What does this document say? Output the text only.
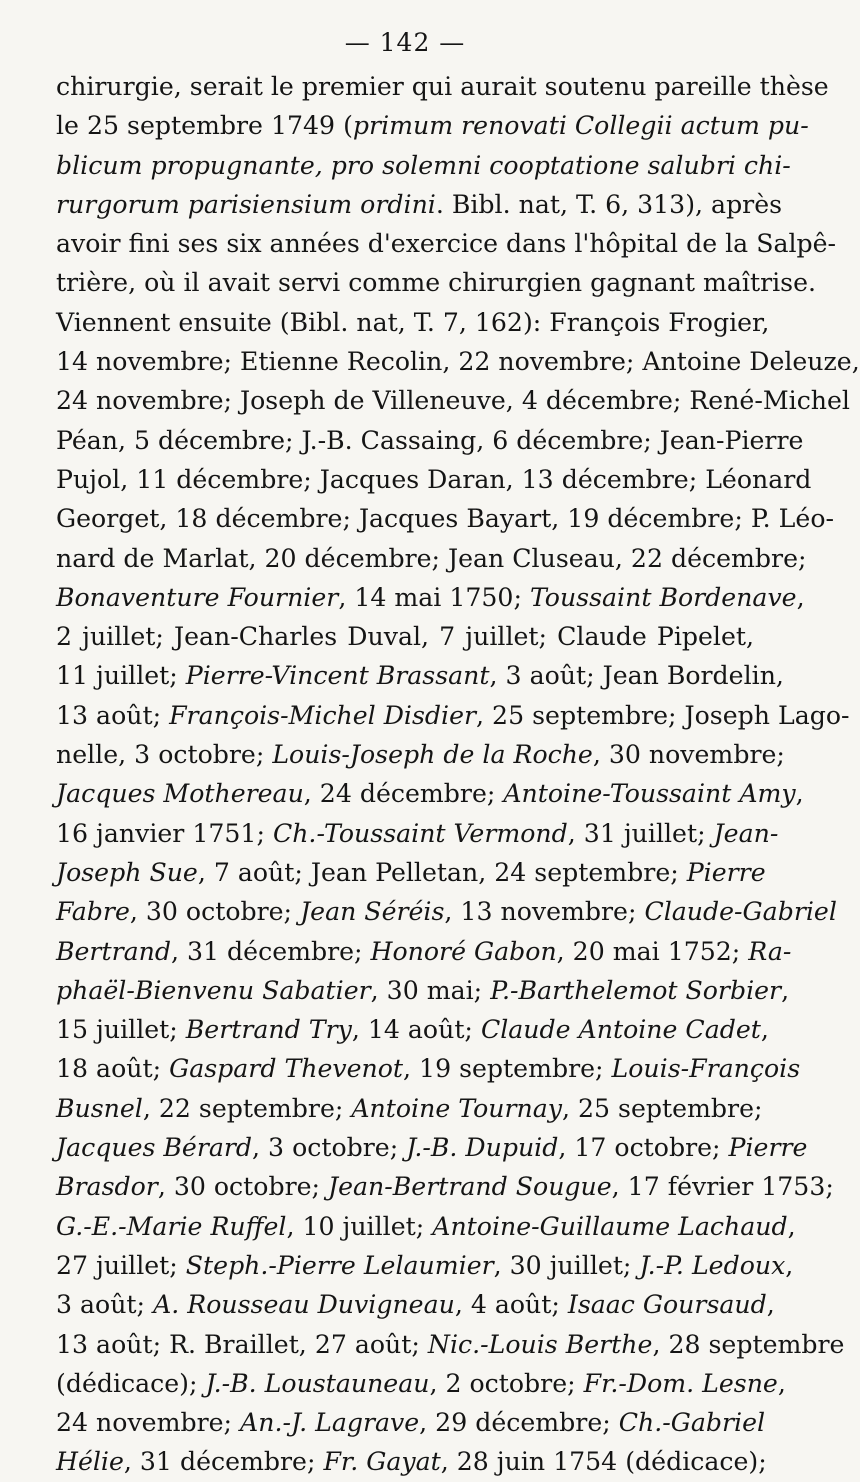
— 142 —
chirurgie, serait le premier qui aurait soutenu pareille thèse
le 25 septembre 1749 (primum renovati Collegii actum pu-
blicum propugnante, pro solemni cooptatione salubri chi-
rurgorum parisiensium ordini. Bibl. nat, T. 6, 313), après
avoir fini ses six années d'exercice dans l'hôpital de la Salpê-
trière, où il avait servi comme chirurgien gagnant maîtrise.
Viennent ensuite (Bibl. nat, T. 7, 162): François Frogier,
14 novembre; Etienne Recolin, 22 novembre; Antoine Deleuze,
24 novembre; Joseph de Villeneuve, 4 décembre; René-Michel
Péan, 5 décembre; J.-B. Cassaing, 6 décembre; Jean-Pierre
Pujol, 11 décembre; Jacques Daran, 13 décembre; Léonard
Georget, 18 décembre; Jacques Bayart, 19 décembre; P. Léo-
nard de Marlat, 20 décembre; Jean Cluseau, 22 décembre;
Bonaventure Fournier, 14 mai 1750; Toussaint Bordenave,
2 juillet; Jean-Charles Duval, 7 juillet; Claude Pipelet,
11 juillet; Pierre-Vincent Brassant, 3 août; Jean Bordelin,
13 août; François-Michel Disdier, 25 septembre; Joseph Lago-
nelle, 3 octobre; Louis-Joseph de la Roche, 30 novembre;
Jacques Mothereau, 24 décembre; Antoine-Toussaint Amy,
16 janvier 1751; Ch.-Toussaint Vermond, 31 juillet; Jean-
Joseph Sue, 7 août; Jean Pelletan, 24 septembre; Pierre
Fabre, 30 octobre; Jean Séréis, 13 novembre; Claude-Gabriel
Bertrand, 31 décembre; Honoré Gabon, 20 mai 1752; Ra-
phaël-Bienvenu Sabatier, 30 mai; P.-Barthelemot Sorbier,
15 juillet; Bertrand Try, 14 août; Claude Antoine Cadet,
18 août; Gaspard Thevenot, 19 septembre; Louis-François
Busnel, 22 septembre; Antoine Tournay, 25 septembre;
Jacques Bérard, 3 octobre; J.-B. Dupuid, 17 octobre; Pierre
Brasdor, 30 octobre; Jean-Bertrand Sougue, 17 février 1753;
G.-E.-Marie Ruffel, 10 juillet; Antoine-Guillaume Lachaud,
27 juillet; Steph.-Pierre Lelaumier, 30 juillet; J.-P. Ledoux,
3 août; A. Rousseau Duvigneau, 4 août; Isaac Goursaud,
13 août; R. Braillet, 27 août; Nic.-Louis Berthe, 28 septembre
(dédicace); J.-B. Loustauneau, 2 octobre; Fr.-Dom. Lesne,
24 novembre; An.-J. Lagrave, 29 décembre; Ch.-Gabriel
Hélie, 31 décembre; Fr. Gayat, 28 juin 1754 (dédicace);
